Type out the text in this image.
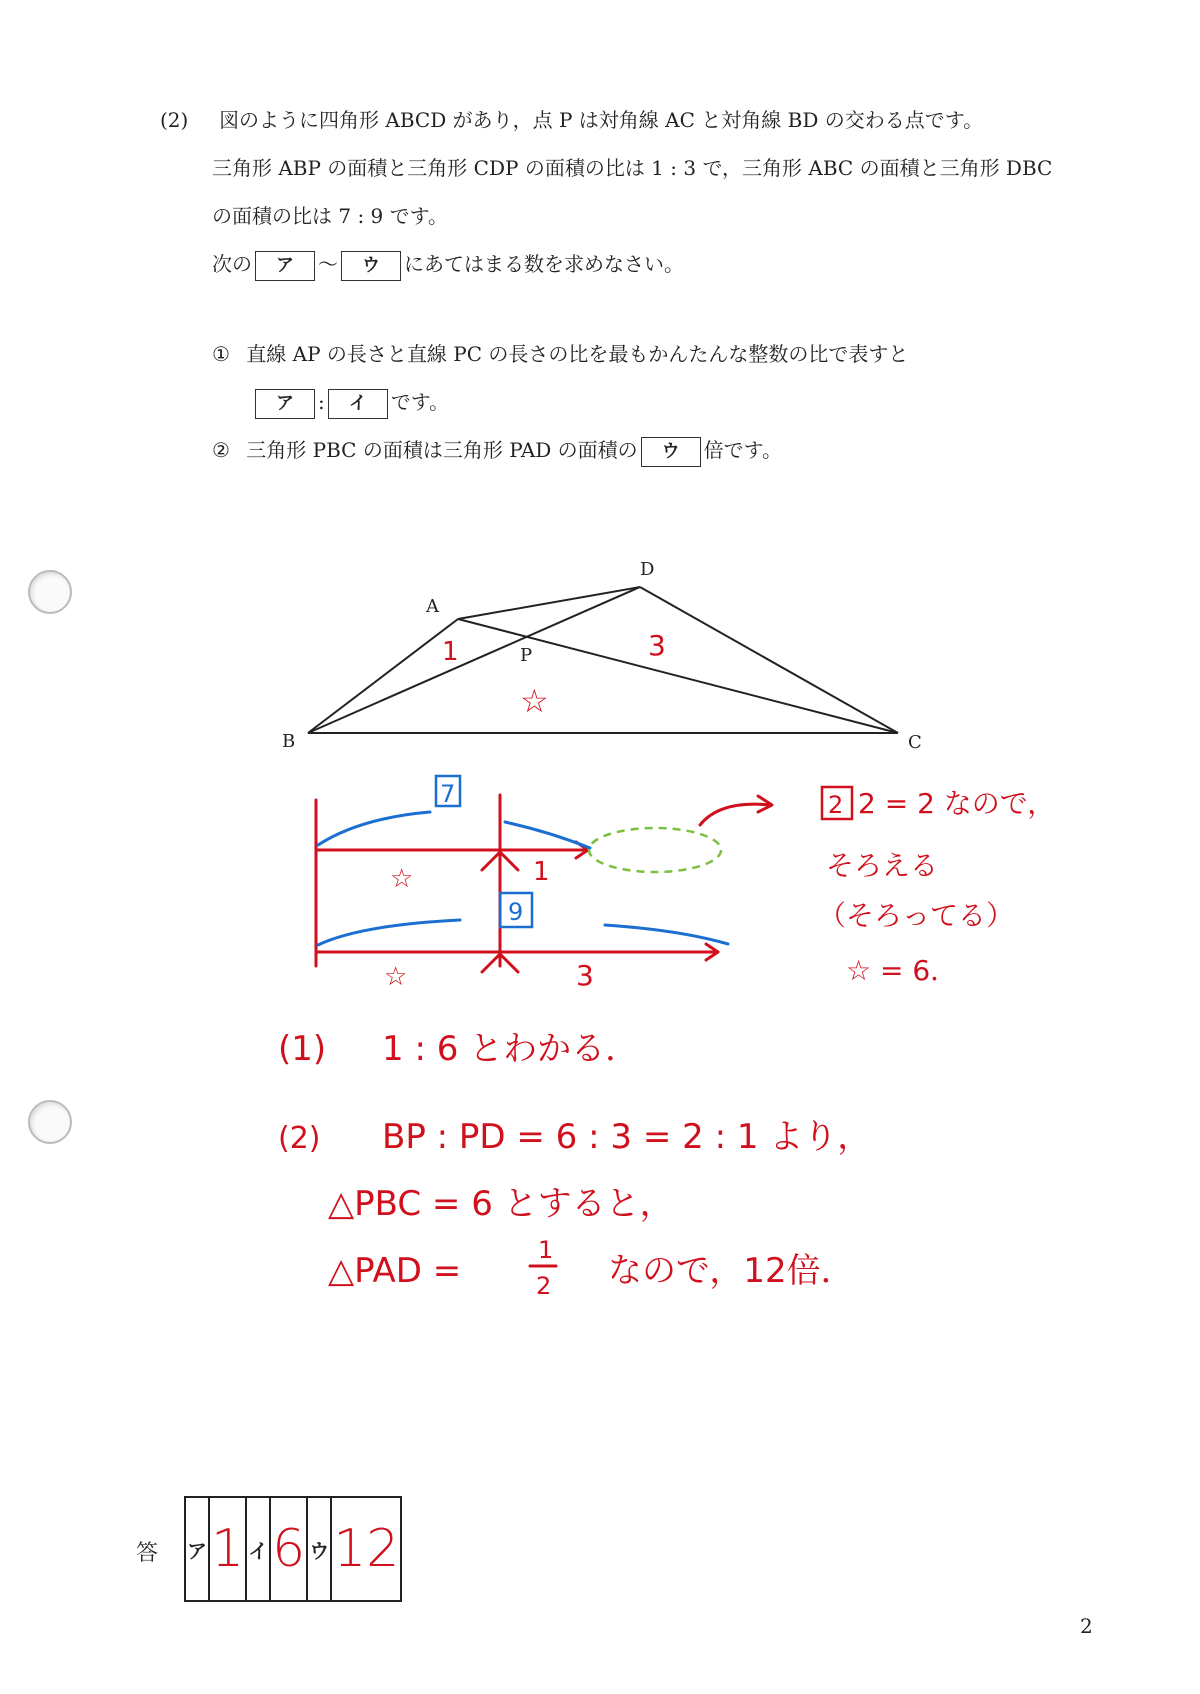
(2) 図のように四角形 ABCD があり，点 P は対角線 AC と対角線 BD の交わる点です。
三角形 ABP の面積と三角形 CDP の面積の比は 1 : 3 で，三角形 ABC の面積と三角形 DBC
の面積の比は 7 : 9 です。
次の ア ～ ウ にあてはまる数を求めなさい。
① 直線 AP の長さと直線 PC の長さの比を最もかんたんな整数の比で表すと
ア : イ です。
② 三角形 PBC の面積は三角形 PAD の面積の ウ 倍です。
A
B	C
D
P
1	3
☆
7
9
☆	1
☆	3
2 2 = 2 なので，
そろえる
（そろってる）
☆ = 6．
(1) 1 : 6 とわかる．
(2) BP : PD = 6 : 3 = 2 : 1 より，
△PBC = 6 とすると，
△PAD =
1
2 なので，12倍．
答 ア	1	イ	6	ウ	12
2
